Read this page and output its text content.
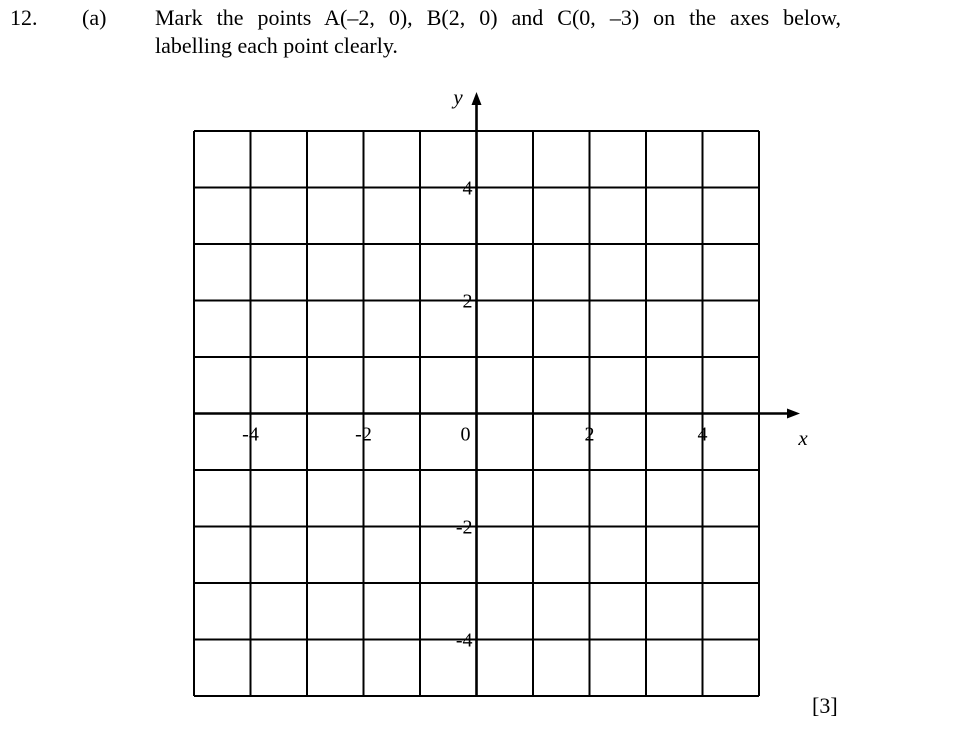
12. (a) Mark the points A(–2, 0), B(2, 0) and C(0, –3) on the axes below,
labelling each point clearly.
-4	-2	2	4
4
2
-2
-4
0	x
y
[3]
